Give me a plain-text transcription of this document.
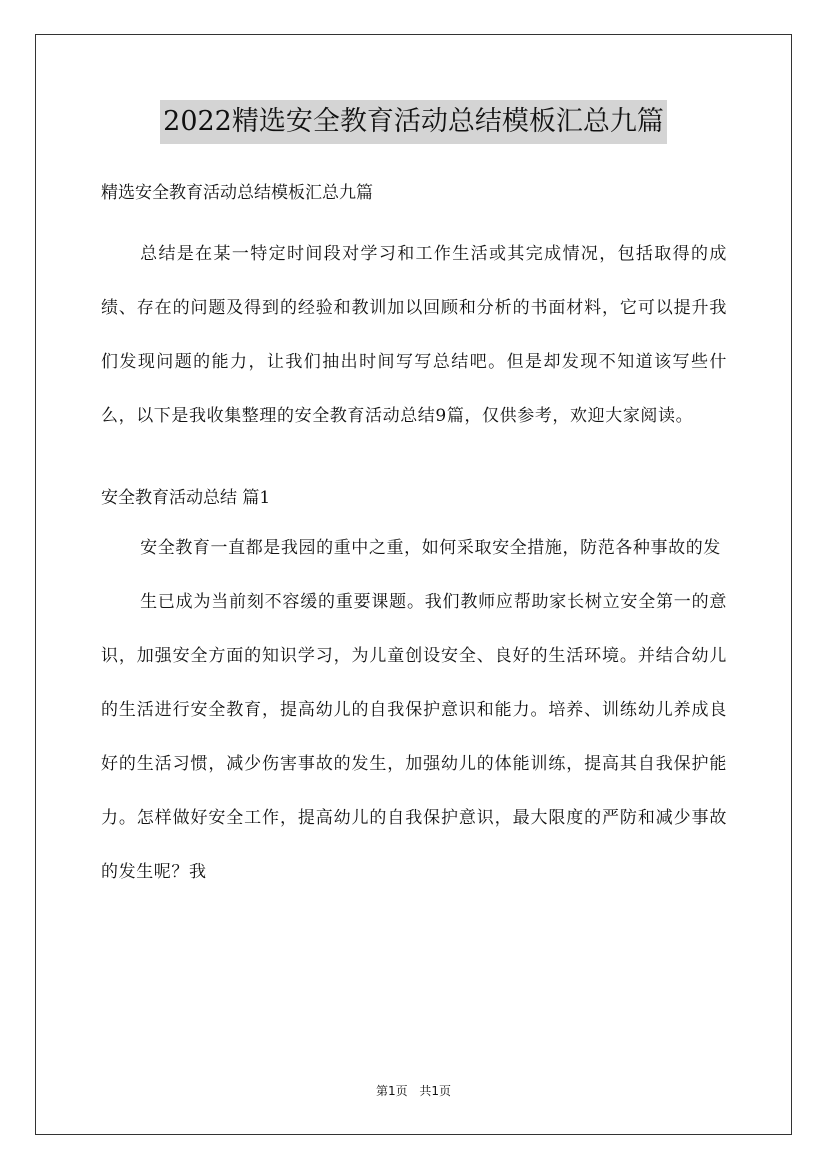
2022精选安全教育活动总结模板汇总九篇

精选安全教育活动总结模板汇总九篇

总结是在某一特定时间段对学习和工作生活或其完成情况，包括取得的成绩、存在的问题及得到的经验和教训加以回顾和分析的书面材料，它可以提升我们发现问题的能力，让我们抽出时间写写总结吧。但是却发现不知道该写些什么，以下是我收集整理的安全教育活动总结9篇，仅供参考，欢迎大家阅读。

安全教育活动总结 篇1

安全教育一直都是我园的重中之重，如何采取安全措施，防范各种事故的发

生已成为当前刻不容缓的重要课题。我们教师应帮助家长树立安全第一的意识，加强安全方面的知识学习，为儿童创设安全、良好的生活环境。并结合幼儿的生活进行安全教育，提高幼儿的自我保护意识和能力。培养、训练幼儿养成良好的生活习惯，减少伤害事故的发生，加强幼儿的体能训练，提高其自我保护能力。怎样做好安全工作，提高幼儿的自我保护意识，最大限度的严防和减少事故的发生呢？我

第1页 共1页
